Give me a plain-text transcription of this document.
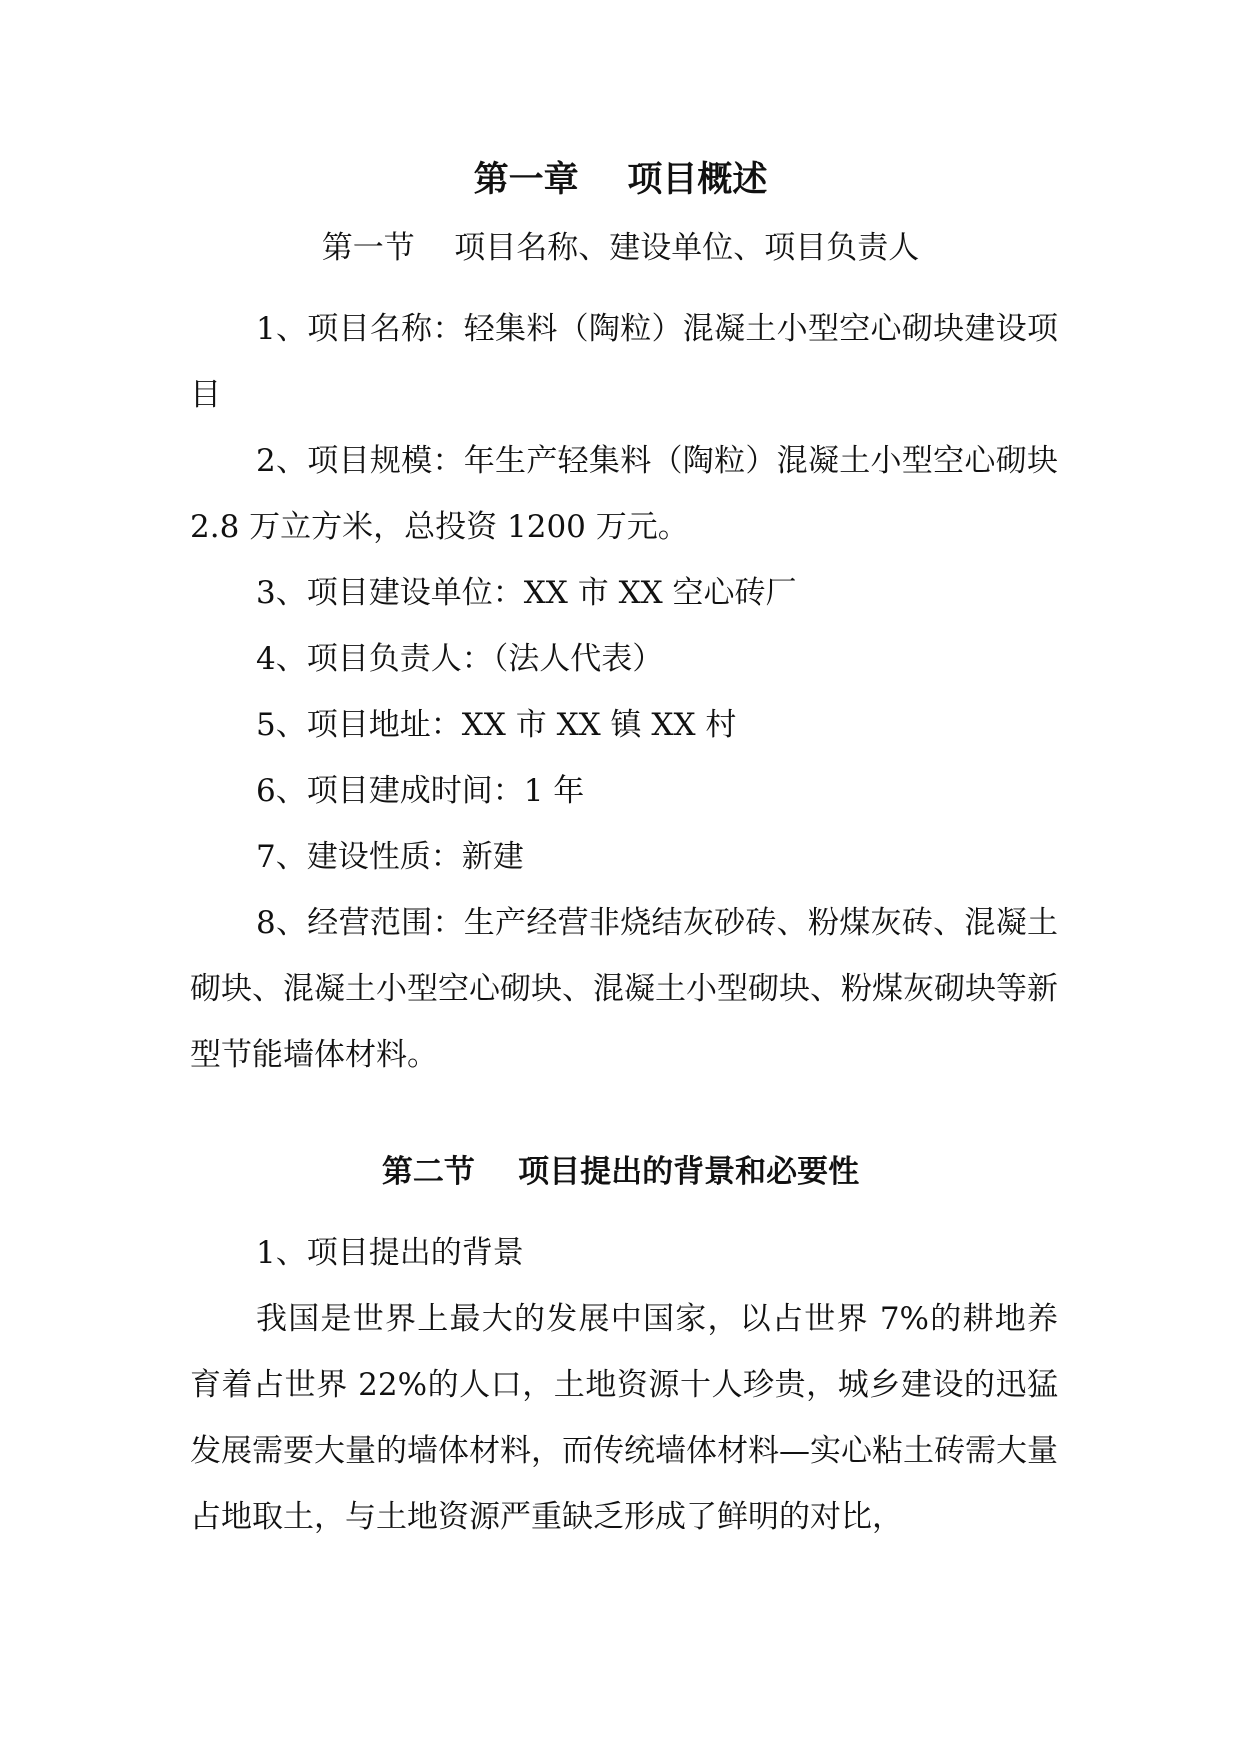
第一章    项目概述
第一节    项目名称、建设单位、项目负责人

1、项目名称：轻集料（陶粒）混凝土小型空心砌块建设项目

2、项目规模：年生产轻集料（陶粒）混凝土小型空心砌块 2.8 万立方米，总投资 1200 万元。

3、项目建设单位：XX 市 XX 空心砖厂

4、项目负责人：（法人代表）

5、项目地址：XX 市 XX 镇 XX 村

6、项目建成时间：1 年

7、建设性质：新建

8、经营范围：生产经营非烧结灰砂砖、粉煤灰砖、混凝土砌块、混凝土小型空心砌块、混凝土小型砌块、粉煤灰砌块等新型节能墙体材料。

第二节    项目提出的背景和必要性

1、项目提出的背景

我国是世界上最大的发展中国家，以占世界 7%的耕地养育着占世界 22%的人口，土地资源十人珍贵，城乡建设的迅猛发展需要大量的墙体材料，而传统墙体材料—实心粘土砖需大量占地取土，与土地资源严重缺乏形成了鲜明的对比，
